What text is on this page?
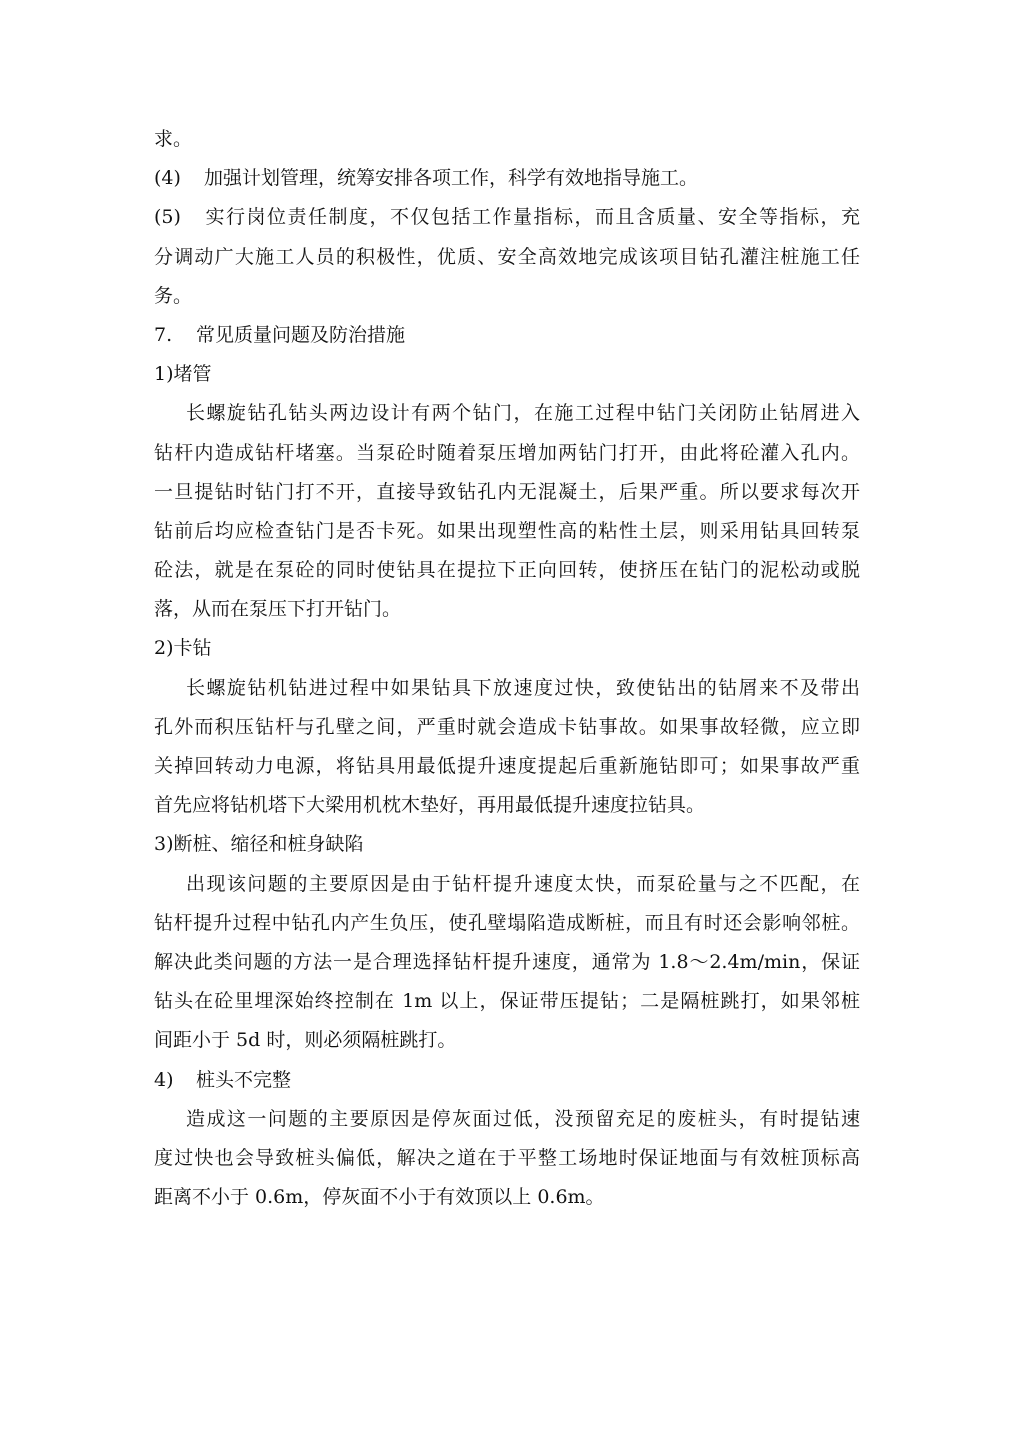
求。
(4) 加强计划管理，统筹安排各项工作，科学有效地指导施工。
(5) 实行岗位责任制度，不仅包括工作量指标，而且含质量、安全等指标，充
分调动广大施工人员的积极性，优质、安全高效地完成该项目钻孔灌注桩施工任
务。
7. 常见质量问题及防治措施
1)堵管
长螺旋钻孔钻头两边设计有两个钻门，在施工过程中钻门关闭防止钻屑进入
钻杆内造成钻杆堵塞。当泵砼时随着泵压增加两钻门打开，由此将砼灌入孔内。
一旦提钻时钻门打不开，直接导致钻孔内无混凝土，后果严重。所以要求每次开
钻前后均应检查钻门是否卡死。如果出现塑性高的粘性土层，则采用钻具回转泵
砼法，就是在泵砼的同时使钻具在提拉下正向回转，使挤压在钻门的泥松动或脱
落，从而在泵压下打开钻门。
2)卡钻
长螺旋钻机钻进过程中如果钻具下放速度过快，致使钻出的钻屑来不及带出
孔外而积压钻杆与孔壁之间，严重时就会造成卡钻事故。如果事故轻微，应立即
关掉回转动力电源，将钻具用最低提升速度提起后重新施钻即可；如果事故严重
首先应将钻机塔下大梁用机枕木垫好，再用最低提升速度拉钻具。
3)断桩、缩径和桩身缺陷
出现该问题的主要原因是由于钻杆提升速度太快，而泵砼量与之不匹配，在
钻杆提升过程中钻孔内产生负压，使孔壁塌陷造成断桩，而且有时还会影响邻桩。
解决此类问题的方法一是合理选择钻杆提升速度，通常为 1.8～2.4m/min，保证
钻头在砼里埋深始终控制在 1m 以上，保证带压提钻；二是隔桩跳打，如果邻桩
间距小于 5d 时，则必须隔桩跳打。
4) 桩头不完整
造成这一问题的主要原因是停灰面过低，没预留充足的废桩头，有时提钻速
度过快也会导致桩头偏低，解决之道在于平整工场地时保证地面与有效桩顶标高
距离不小于 0.6m，停灰面不小于有效顶以上 0.6m。
